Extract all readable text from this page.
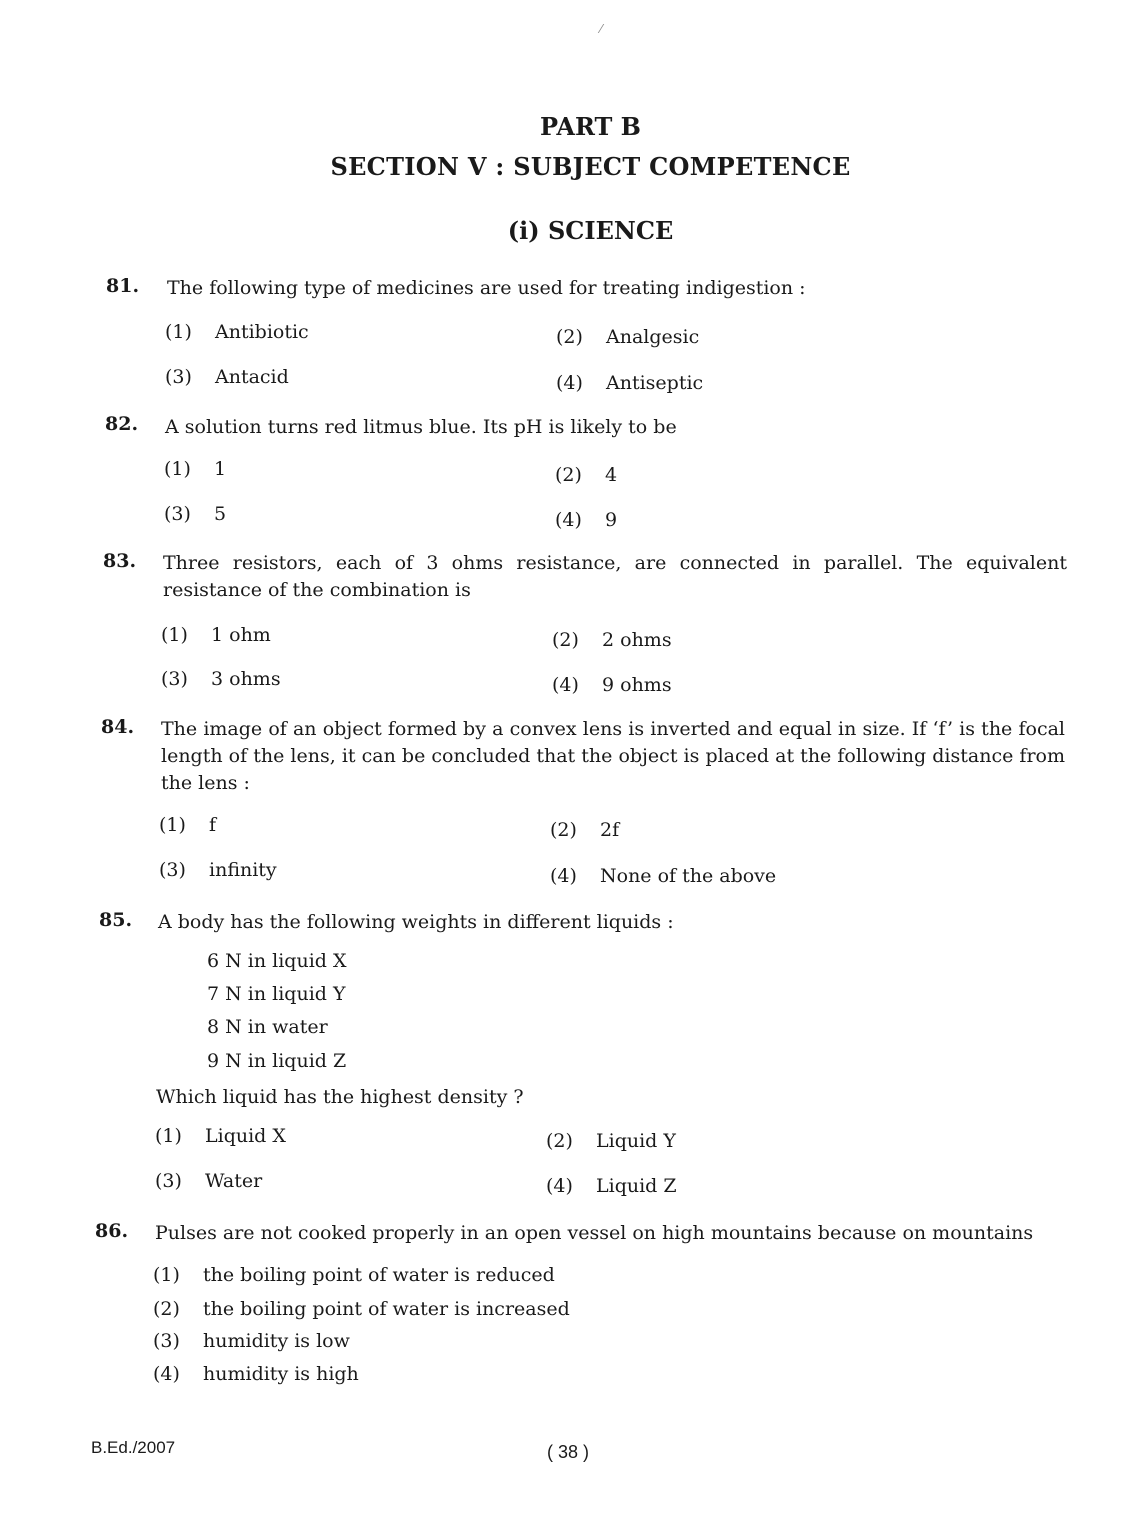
⁄
PART B
SECTION V : SUBJECT COMPETENCE
(i) SCIENCE
81. The following type of medicines are used for treating indigestion :
(1) Antibiotic	(2) Analgesic
(3) Antacid	(4) Antiseptic
82. A solution turns red litmus blue. Its pH is likely to be
(1) 1	(2) 4
(3) 5	(4) 9
83. Three resistors, each of 3 ohms resistance, are connected in parallel. The equivalent resistance of the combination is
(1) 1 ohm	(2) 2 ohms
(3) 3 ohms	(4) 9 ohms
84. The image of an object formed by a convex lens is inverted and equal in size. If ‘f’ is the focal length of the lens, it can be concluded that the object is placed at the following distance from the lens :
(1) f	(2) 2f
(3) infinity	(4) None of the above
85. A body has the following weights in different liquids :
6 N in liquid X
7 N in liquid Y
8 N in water
9 N in liquid Z
Which liquid has the highest density ?
(1) Liquid X	(2) Liquid Y
(3) Water	(4) Liquid Z
86. Pulses are not cooked properly in an open vessel on high mountains because on mountains
(1) the boiling point of water is reduced
(2) the boiling point of water is increased
(3) humidity is low
(4) humidity is high
B.Ed./2007	( 38 )
